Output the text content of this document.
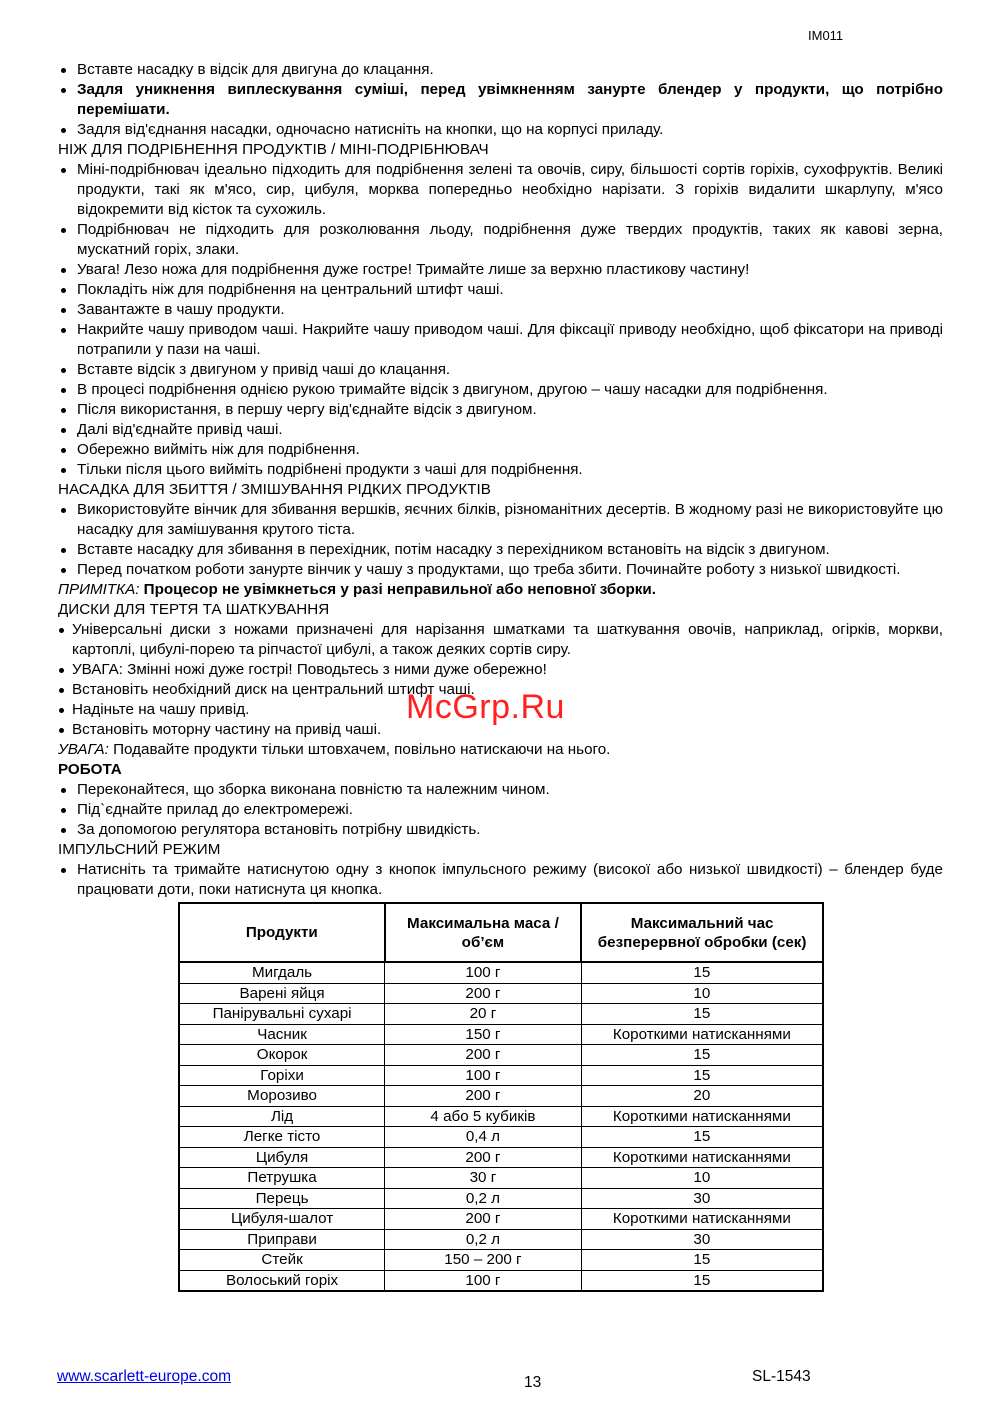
IM011
Вставте насадку в відсік для двигуна до клацання.
Задля уникнення виплескування суміші, перед увімкненням занурте блендер у продукти, що потрібно перемішати.
Задля від'єднання насадки, одночасно натисніть на кнопки, що на корпусі приладу.

НІЖ ДЛЯ ПОДРІБНЕННЯ ПРОДУКТІВ / МІНІ-ПОДРІБНЮВАЧ

Міні-подрібнювач ідеально підходить для подрібнення зелені та овочів, сиру, більшості сортів горіхів, сухофруктів. Великі продукти, такі як м'ясо, сир, цибуля, морква попередньо необхідно нарізати. З горіхів видалити шкарлупу, м'ясо відокремити від кісток та сухожиль.
Подрібнювач не підходить для розколювання льоду, подрібнення дуже твердих продуктів, таких як кавові зерна, мускатний горіх, злаки.
Увага! Лезо ножа для подрібнення дуже гостре! Тримайте лише за верхню пластикову частину!
Покладіть ніж для подрібнення на центральний штифт чаші.
Завантажте в чашу продукти.
Накрийте чашу приводом чаші. Накрийте чашу приводом чаші. Для фіксації приводу необхідно, щоб фіксатори на приводі потрапили у пази на чаші.
Вставте відсік з двигуном у привід чаші до клацання.
В процесі подрібнення однією рукою тримайте відсік з двигуном, другою – чашу насадки для подрібнення.
Після використання, в першу чергу від'єднайте відсік з двигуном.
Далі від'єднайте привід чаші.
Обережно вийміть ніж для подрібнення.
Тільки після цього вийміть подрібнені продукти з чаші для подрібнення.

НАСАДКА ДЛЯ ЗБИТТЯ / ЗМІШУВАННЯ РІДКИХ ПРОДУКТІВ

Використовуйте вінчик для збивання вершків, яєчних білків, різноманітних десертів. В жодному разі не використовуйте цю насадку для замішування крутого тіста.
Вставте насадку для збивання в перехідник, потім насадку з перехідником встановіть на відсік з двигуном.
Перед початком роботи занурте вінчик у чашу з продуктами, що треба збити. Починайте роботу з низької швидкості.

ПРИМІТКА: Процесор не увімкнеться у разі неправильної або неповної зборки.

ДИСКИ ДЛЯ ТЕРТЯ ТА ШАТКУВАННЯ

Універсальні диски з ножами призначені для нарізання шматками та шаткування овочів, наприклад, огірків, моркви, картоплі, цибулі-порею та ріпчастої цибулі, а також деяких сортів сиру.
УВАГА: Змінні ножі дуже гострі! Поводьтесь з ними дуже обережно!
Встановіть необхідний диск на центральний штифт чаші.
Надіньте на чашу привід.
Встановіть моторну частину на привід чаші.

УВАГА: Подавайте продукти тільки штовхачем, повільно натискаючи на нього.

РОБОТА

Переконайтеся, що зборка виконана повністю та належним чином.
Під`єднайте прилад до електромережі.
За допомогою регулятора встановіть потрібну швидкість.

ІМПУЛЬСНИЙ РЕЖИМ

Натисніть та тримайте натиснутою одну з кнопок імпульсного режиму (високої або низької швидкості) – блендер буде працювати доти, поки натиснута ця кнопка.
Продукти	Максимальна маса / об’єм	Максимальний час безперервної обробки (сек)
Мигдаль	100 г	15
Варені яйця	200 г	10
Панірувальні сухарі	20 г	15
Часник	150 г	Короткими натисканнями
Окорок	200 г	15
Горіхи	100 г	15
Морозиво	200 г	20
Лід	4 або 5 кубиків	Короткими натисканнями
Легке тісто	0,4 л	15
Цибуля	200 г	Короткими натисканнями
Петрушка	30 г	10
Перець	0,2 л	30
Цибуля-шалот	200 г	Короткими натисканнями
Приправи	0,2 л	30
Стейк	150 – 200 г	15
Волоський горіх	100 г	15
McGrp.Ru
www.scarlett-europe.com	13	SL-1543
